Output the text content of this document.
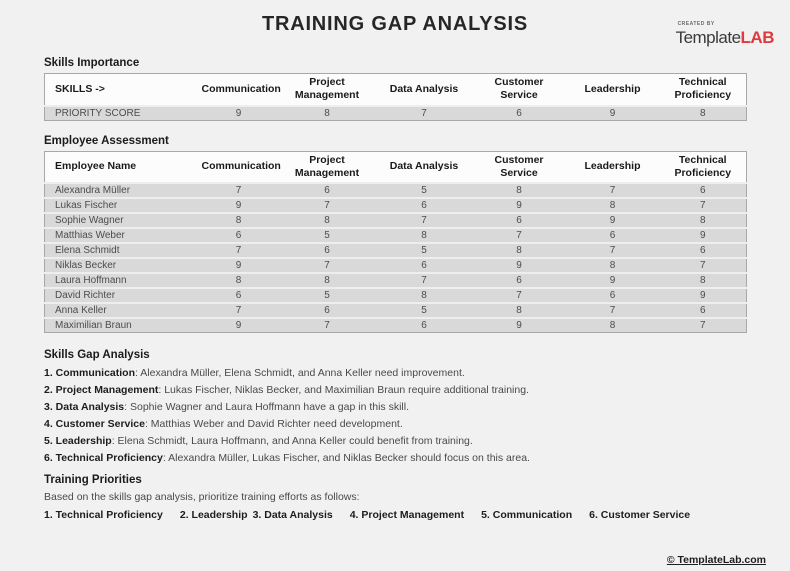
CREATED BY
TemplateLAB
TRAINING GAP ANALYSIS
Skills Importance
SKILLS ->	Communication	Project Management	Data Analysis	Customer Service	Leadership	Technical Proficiency
PRIORITY SCORE	9	8	7	6	9	8
Employee Assessment
Employee Name	Communication	Project Management	Data Analysis	Customer Service	Leadership	Technical Proficiency
Alexandra Müller	7	6	5	8	7	6
Lukas Fischer	9	7	6	9	8	7
Sophie Wagner	8	8	7	6	9	8
Matthias Weber	6	5	8	7	6	9
Elena Schmidt	7	6	5	8	7	6
Niklas Becker	9	7	6	9	8	7
Laura Hoffmann	8	8	7	6	9	8
David Richter	6	5	8	7	6	9
Anna Keller	7	6	5	8	7	6
Maximilian Braun	9	7	6	9	8	7
Skills Gap Analysis
1. Communication: Alexandra Müller, Elena Schmidt, and Anna Keller need improvement.
2. Project Management: Lukas Fischer, Niklas Becker, and Maximilian Braun require additional training.
3. Data Analysis: Sophie Wagner and Laura Hoffmann have a gap in this skill.
4. Customer Service: Matthias Weber and David Richter need development.
5. Leadership: Elena Schmidt, Laura Hoffmann, and Anna Keller could benefit from training.
6. Technical Proficiency: Alexandra Müller, Lukas Fischer, and Niklas Becker should focus on this area.
Training Priorities

Based on the skills gap analysis, prioritize training efforts as follows:

1. Technical Proficiency 2. Leadership 3. Data Analysis 4. Project Management 5. Communication 6. Customer Service
© TemplateLab.com
